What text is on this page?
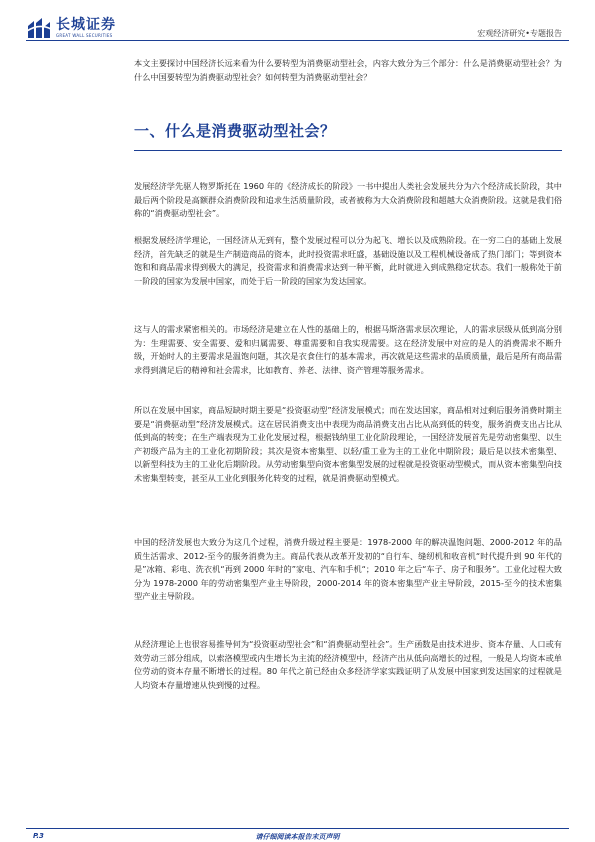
长城证券
GREAT WALL SECURITIES	宏观经济研究•专题报告

本文主要探讨中国经济长远来看为什么要转型为消费驱动型社会，内容大致分为三个部分：什么是消费驱动型社会？为什么中国要转型为消费驱动型社会？如何转型为消费驱动型社会？

一、什么是消费驱动型社会？

发展经济学先驱人物罗斯托在 1960 年的《经济成长的阶段》一书中提出人类社会发展共分为六个经济成长阶段，其中最后两个阶段是高额群众消费阶段和追求生活质量阶段，或者被称为大众消费阶段和超越大众消费阶段。这就是我们俗称的“消费驱动型社会”。

根据发展经济学理论，一国经济从无到有，整个发展过程可以分为起飞、增长以及成熟阶段。在一穷二白的基础上发展经济，首先缺乏的就是生产制造商品的资本，此时投资需求旺盛，基础设施以及工程机械设备成了热门部门；等到资本饱和和商品需求得到极大的满足，投资需求和消费需求达到一种平衡，此时就进入到成熟稳定状态。我们一般称处于前一阶段的国家为发展中国家，而处于后一阶段的国家为发达国家。

这与人的需求紧密相关的。市场经济是建立在人性的基础上的，根据马斯洛需求层次理论，人的需求层级从低到高分别为：生理需要、安全需要、爱和归属需要、尊重需要和自我实现需要。这在经济发展中对应的是人的消费需求不断升级，开始时人的主要需求是温饱问题，其次是衣食住行的基本需求，再次就是这些需求的品质质量，最后是所有商品需求得到满足后的精神和社会需求，比如教育、养老、法律、资产管理等服务需求。

所以在发展中国家，商品短缺时期主要是“投资驱动型”经济发展模式；而在发达国家，商品相对过剩后服务消费时期主要是“消费驱动型”经济发展模式。这在居民消费支出中表现为商品消费支出占比从高到低的转变，服务消费支出占比从低到高的转变；在生产端表现为工业化发展过程，根据钱纳里工业化阶段理论，一国经济发展首先是劳动密集型、以生产初级产品为主的工业化初期阶段；其次是资本密集型、以轻/重工业为主的工业化中期阶段；最后是以技术密集型、以新型科技为主的工业化后期阶段。从劳动密集型向资本密集型发展的过程就是投资驱动型模式，而从资本密集型向技术密集型转变，甚至从工业化到服务化转变的过程，就是消费驱动型模式。

中国的经济发展也大致分为这几个过程，消费升级过程主要是：1978-2000 年的解决温饱问题、2000-2012 年的品质生活需求、2012-至今的服务消费为主。商品代表从改革开发初的“自行车、缝纫机和收音机“时代提升到 90 年代的是”冰箱、彩电、洗衣机“再到 2000 年时的”家电、汽车和手机“；2010 年之后“车子、房子和服务”。工业化过程大致分为 1978-2000 年的劳动密集型产业主导阶段，2000-2014 年的资本密集型产业主导阶段，2015-至今的技术密集型产业主导阶段。

从经济理论上也很容易推导何为“投资驱动型社会”和“消费驱动型社会”。生产函数是由技术进步、资本存量、人口或有效劳动三部分组成，以索洛模型或内生增长为主流的经济模型中，经济产出从低向高增长的过程，一般是人均资本或单位劳动的资本存量不断增长的过程。80 年代之前已经由众多经济学家实践证明了从发展中国家到发达国家的过程就是人均资本存量增速从快到慢的过程。

P.3	请仔细阅读本报告末页声明
